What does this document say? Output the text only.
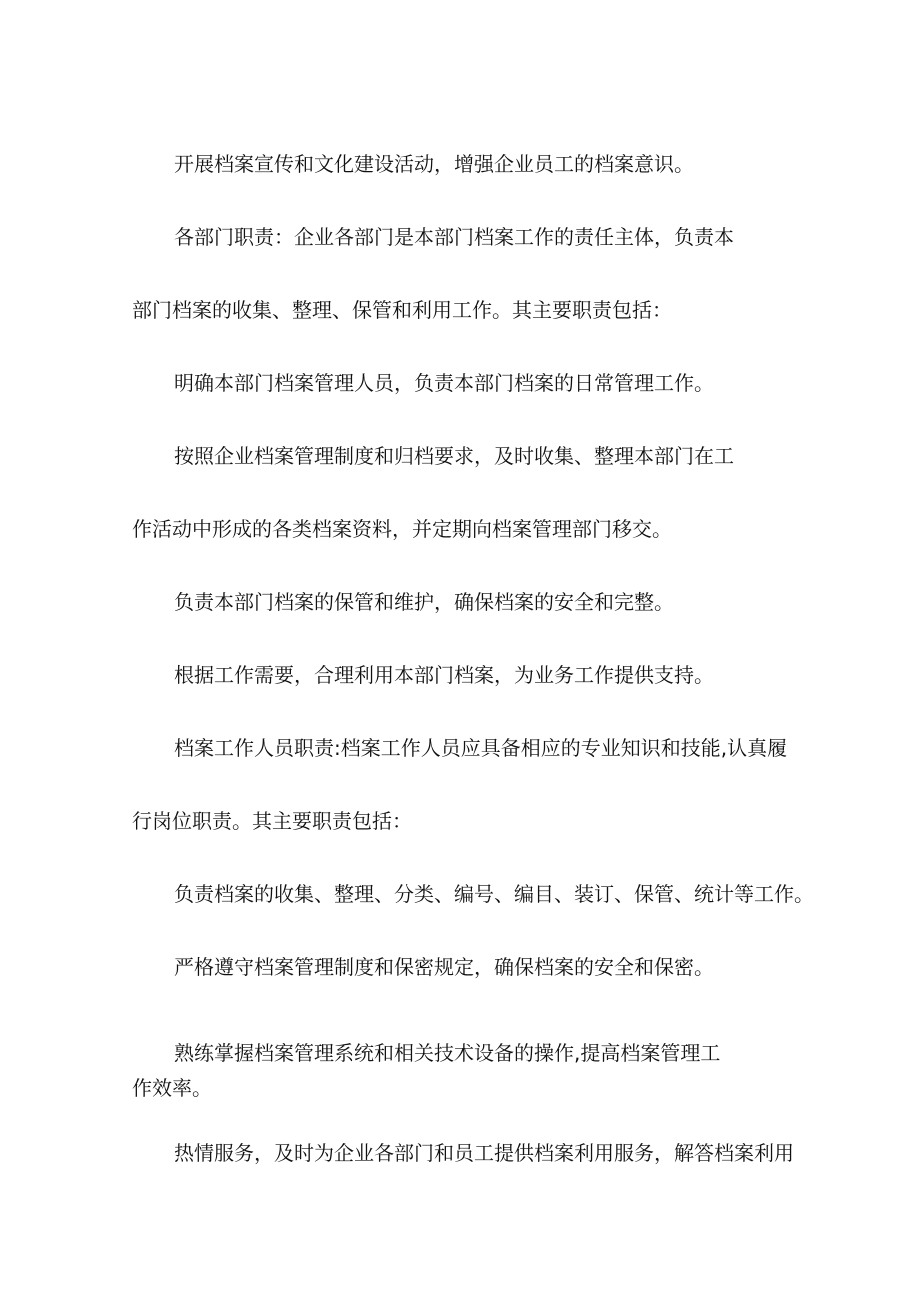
开展档案宣传和文化建设活动，增强企业员工的档案意识。
各部门职责：企业各部门是本部门档案工作的责任主体，负责本
部门档案的收集、整理、保管和利用工作。其主要职责包括：
明确本部门档案管理人员，负责本部门档案的日常管理工作。
按照企业档案管理制度和归档要求，及时收集、整理本部门在工
作活动中形成的各类档案资料，并定期向档案管理部门移交。
负责本部门档案的保管和维护，确保档案的安全和完整。
根据工作需要，合理利用本部门档案，为业务工作提供支持。
档案工作人员职责:档案工作人员应具备相应的专业知识和技能,认真履
行岗位职责。其主要职责包括：
负责档案的收集、整理、分类、编号、编目、装订、保管、统计等工作。
严格遵守档案管理制度和保密规定，确保档案的安全和保密。
熟练掌握档案管理系统和相关技术设备的操作,提高档案管理工
作效率。
热情服务，及时为企业各部门和员工提供档案利用服务，解答档案利用
